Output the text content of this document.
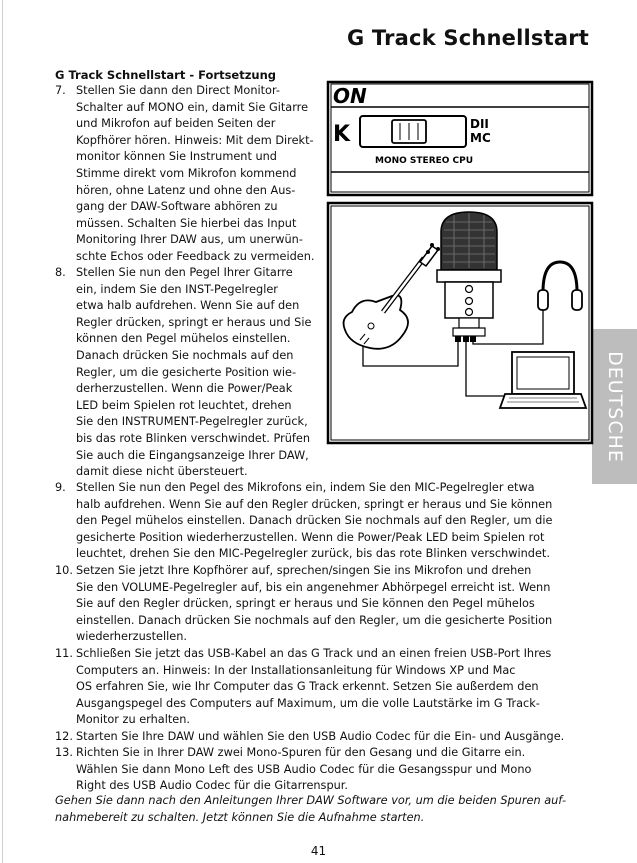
G Track Schnellstart
G Track Schnellstart - Fortsetzung
7. Stellen Sie dann den Direct Monitor-
Schalter auf MONO ein, damit Sie Gitarre
und Mikrofon auf beiden Seiten der
Kopfhörer hören. Hinweis: Mit dem Direkt-
monitor können Sie Instrument und
Stimme direkt vom Mikrofon kommend
hören, ohne Latenz und ohne den Aus-
gang der DAW-Software abhören zu
müssen. Schalten Sie hierbei das Input
Monitoring Ihrer DAW aus, um unerwün-
schte Echos oder Feedback zu vermeiden.
8. Stellen Sie nun den Pegel Ihrer Gitarre
ein, indem Sie den INST-Pegelregler
etwa halb aufdrehen. Wenn Sie auf den
Regler drücken, springt er heraus und Sie
können den Pegel mühelos einstellen.
Danach drücken Sie nochmals auf den
Regler, um die gesicherte Position wie-
derherzustellen. Wenn die Power/Peak
LED beim Spielen rot leuchtet, drehen
Sie den INSTRUMENT-Pegelregler zurück,
bis das rote Blinken verschwindet. Prüfen
Sie auch die Eingangsanzeige Ihrer DAW,
damit diese nicht übersteuert.
9. Stellen Sie nun den Pegel des Mikrofons ein, indem Sie den MIC-Pegelregler etwa
halb aufdrehen. Wenn Sie auf den Regler drücken, springt er heraus und Sie können
den Pegel mühelos einstellen. Danach drücken Sie nochmals auf den Regler, um die
gesicherte Position wiederherzustellen. Wenn die Power/Peak LED beim Spielen rot
leuchtet, drehen Sie den MIC-Pegelregler zurück, bis das rote Blinken verschwindet.
10. Setzen Sie jetzt Ihre Kopfhörer auf, sprechen/singen Sie ins Mikrofon und drehen
Sie den VOLUME-Pegelregler auf, bis ein angenehmer Abhörpegel erreicht ist. Wenn
Sie auf den Regler drücken, springt er heraus und Sie können den Pegel mühelos
einstellen. Danach drücken Sie nochmals auf den Regler, um die gesicherte Position
wiederherzustellen.
11. Schließen Sie jetzt das USB-Kabel an das G Track und an einen freien USB-Port Ihres
Computers an. Hinweis: In der Installationsanleitung für Windows XP und Mac
OS erfahren Sie, wie Ihr Computer das G Track erkennt. Setzen Sie außerdem den
Ausgangspegel des Computers auf Maximum, um die volle Lautstärke im G Track-
Monitor zu erhalten.
12. Starten Sie Ihre DAW und wählen Sie den USB Audio Codec für die Ein- und Ausgänge.
13. Richten Sie in Ihrer DAW zwei Mono-Spuren für den Gesang und die Gitarre ein.
Wählen Sie dann Mono Left des USB Audio Codec für die Gesangsspur und Mono
Right des USB Audio Codec für die Gitarrenspur.
Gehen Sie dann nach den Anleitungen Ihrer DAW Software vor, um die beiden Spuren auf-
nahmebereit zu schalten. Jetzt können Sie die Aufnahme starten.
41
DEUTSCHE
ON
K	DII
MC
MONO STEREO CPU
